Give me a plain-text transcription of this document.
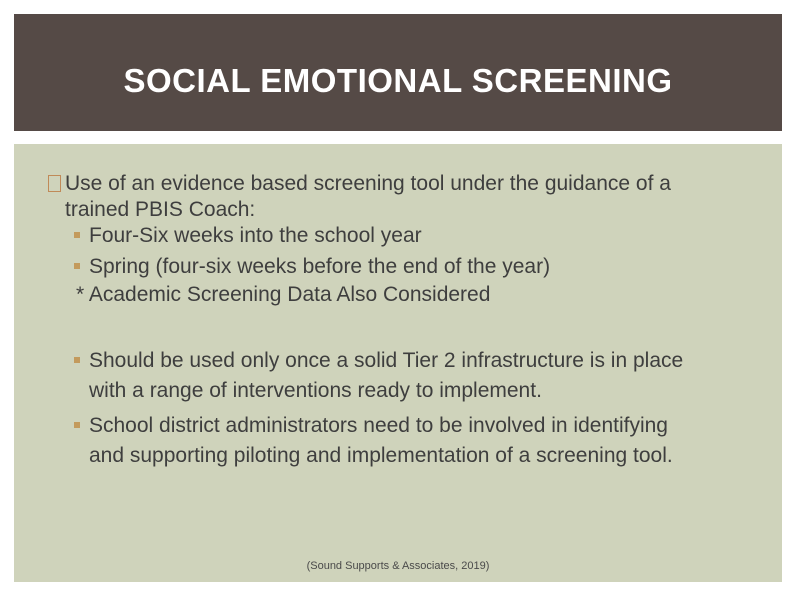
SOCIAL EMOTIONAL SCREENING
Use of an evidence based screening tool under the guidance of a
trained PBIS Coach:
Four-Six weeks into the school year
Spring (four-six weeks before the end of the year)
* Academic Screening Data Also Considered
Should be used only once a solid Tier 2 infrastructure is in place
with a range of interventions ready to implement.
School district administrators need to be involved in identifying
and supporting piloting and implementation of a screening tool.
(Sound Supports & Associates, 2019)
